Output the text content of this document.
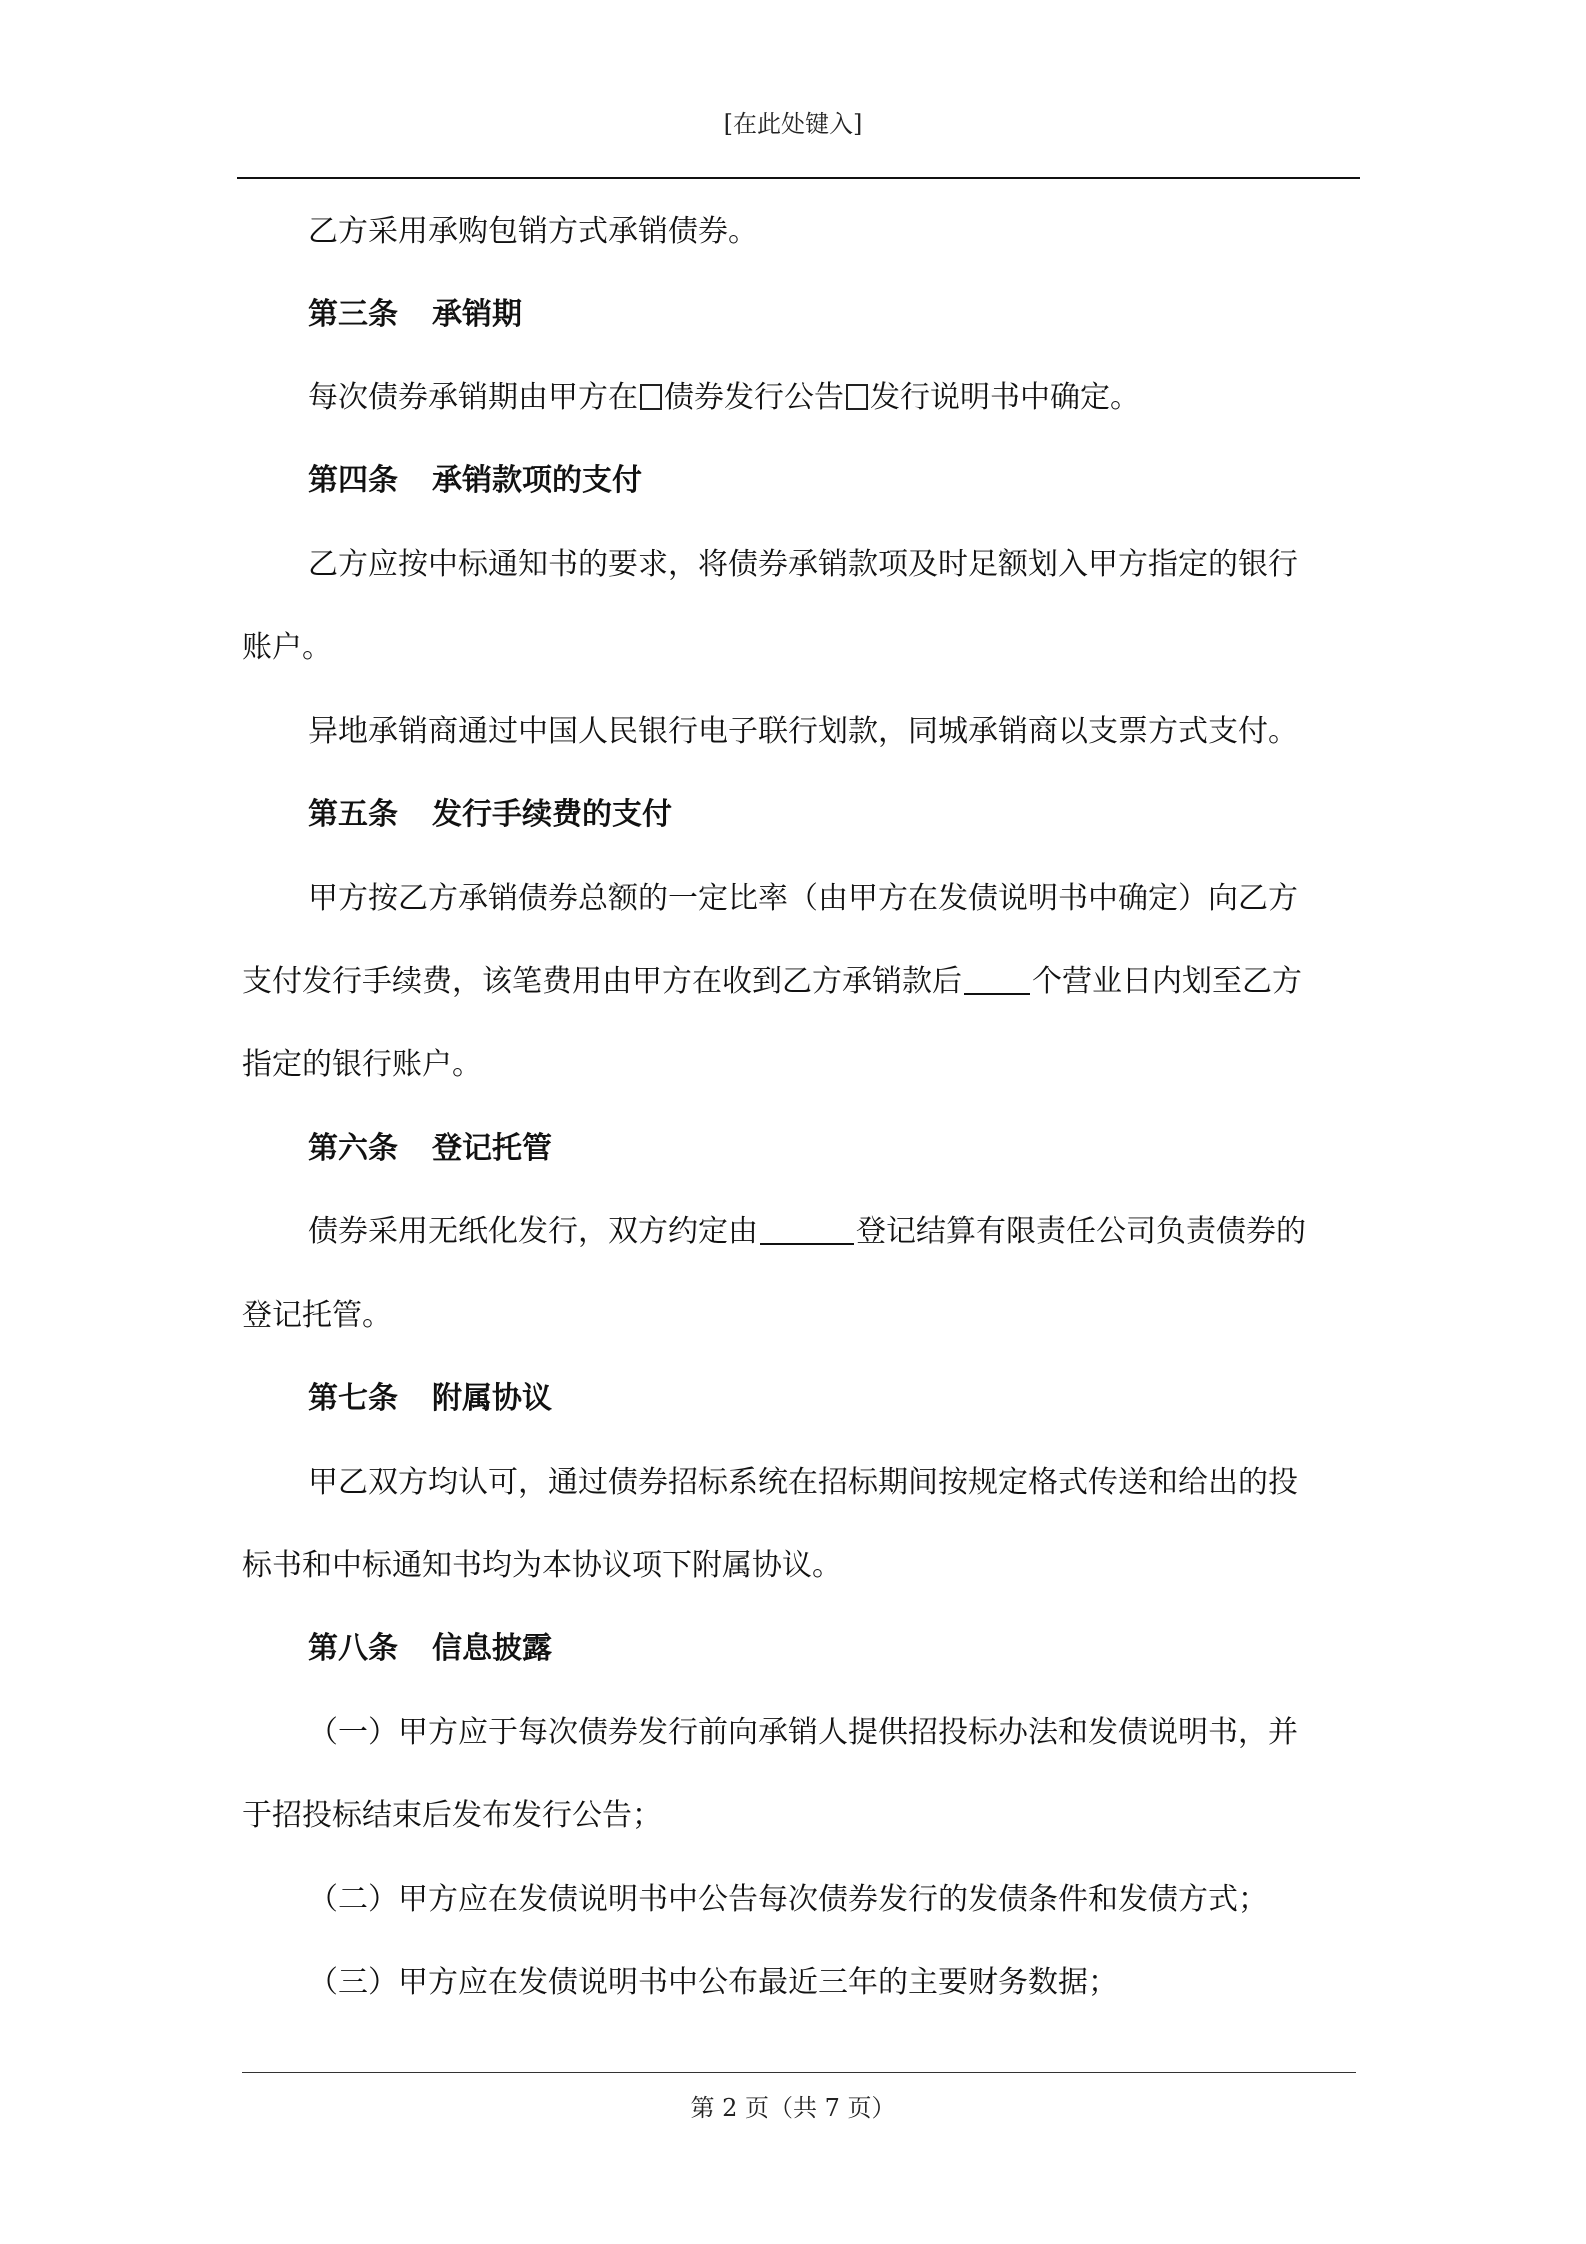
[在此处键入]
乙方采用承购包销方式承销债券。
第三条 承销期
每次债券承销期由甲方在 债券发行公告 发行说明书中确定。
第四条 承销款项的支付
乙方应按中标通知书的要求，将债券承销款项及时足额划入甲方指定的银行
账户。
异地承销商通过中国人民银行电子联行划款，同城承销商以支票方式支付。
第五条 发行手续费的支付
甲方按乙方承销债券总额的一定比率（由甲方在发债说明书中确定）向乙方
支付发行手续费，该笔费用由甲方在收到乙方承销款后 个营业日内划至乙方
指定的银行账户。
第六条 登记托管
债券采用无纸化发行，双方约定由	登记结算有限责任公司负责债券的
登记托管。
第七条 附属协议
甲乙双方均认可，通过债券招标系统在招标期间按规定格式传送和给出的投
标书和中标通知书均为本协议项下附属协议。
第八条 信息披露
（一）甲方应于每次债券发行前向承销人提供招投标办法和发债说明书，并
于招投标结束后发布发行公告；
（二）甲方应在发债说明书中公告每次债券发行的发债条件和发债方式；
（三）甲方应在发债说明书中公布最近三年的主要财务数据；
第 2 页（共 7 页）
